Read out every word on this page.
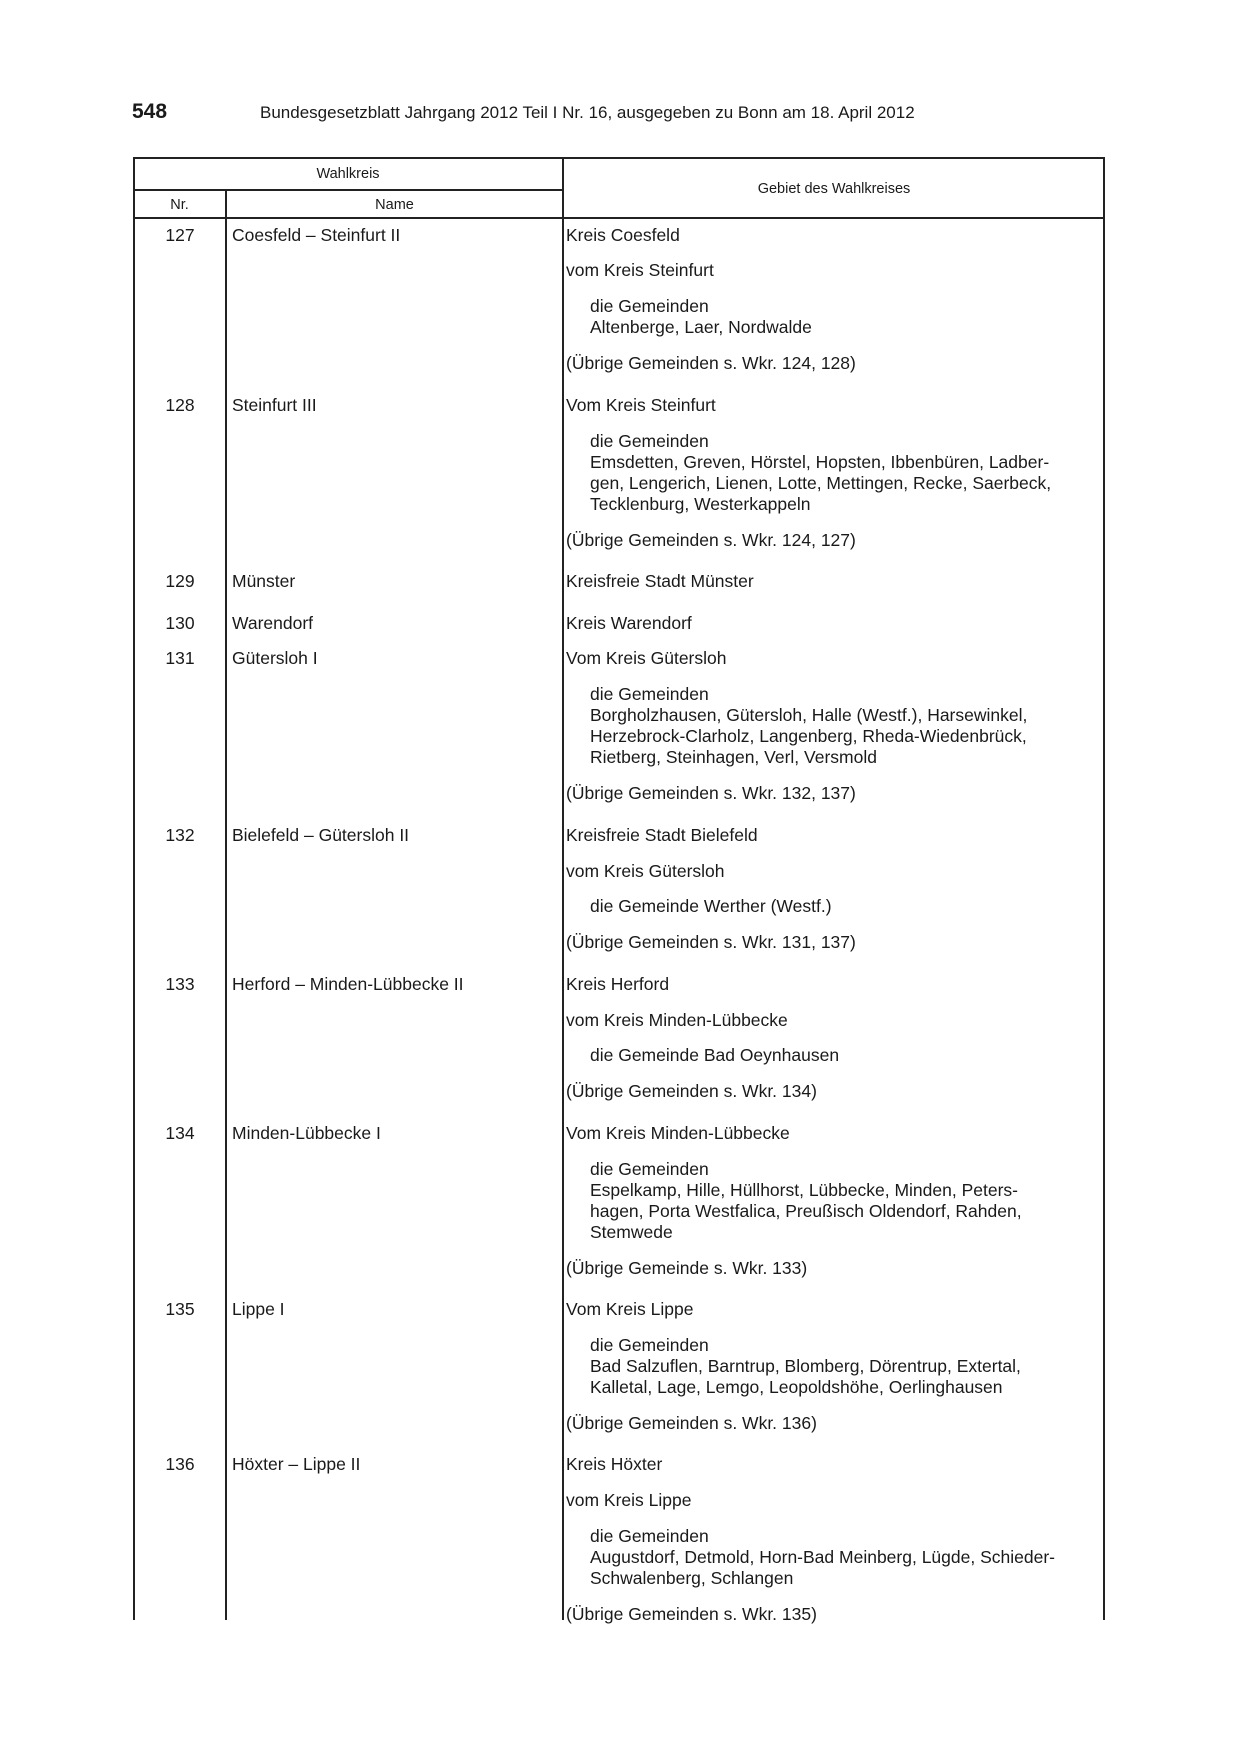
548	Bundesgesetzblatt Jahrgang 2012 Teil I Nr. 16, ausgegeben zu Bonn am 18. April 2012
Wahlkreis
Nr.	Name
Gebiet des Wahlkreises
127	Coesfeld – Steinfurt II	Kreis Coesfeld
vom Kreis Steinfurt
die Gemeinden
Altenberge, Laer, Nordwalde
(Übrige Gemeinden s. Wkr. 124, 128)
128	Steinfurt III	Vom Kreis Steinfurt
die Gemeinden
Emsdetten, Greven, Hörstel, Hopsten, Ibbenbüren, Ladber-
gen, Lengerich, Lienen, Lotte, Mettingen, Recke, Saerbeck,
Tecklenburg, Westerkappeln
(Übrige Gemeinden s. Wkr. 124, 127)
129	Münster	Kreisfreie Stadt Münster
130	Warendorf	Kreis Warendorf
131	Gütersloh I	Vom Kreis Gütersloh
die Gemeinden
Borgholzhausen, Gütersloh, Halle (Westf.), Harsewinkel,
Herzebrock-Clarholz, Langenberg, Rheda-Wiedenbrück,
Rietberg, Steinhagen, Verl, Versmold
(Übrige Gemeinden s. Wkr. 132, 137)
132	Bielefeld – Gütersloh II	Kreisfreie Stadt Bielefeld
vom Kreis Gütersloh
die Gemeinde Werther (Westf.)
(Übrige Gemeinden s. Wkr. 131, 137)
133	Herford – Minden-Lübbecke II	Kreis Herford
vom Kreis Minden-Lübbecke
die Gemeinde Bad Oeynhausen
(Übrige Gemeinden s. Wkr. 134)
134	Minden-Lübbecke I	Vom Kreis Minden-Lübbecke
die Gemeinden
Espelkamp, Hille, Hüllhorst, Lübbecke, Minden, Peters-
hagen, Porta Westfalica, Preußisch Oldendorf, Rahden,
Stemwede
(Übrige Gemeinde s. Wkr. 133)
135	Lippe I	Vom Kreis Lippe
die Gemeinden
Bad Salzuflen, Barntrup, Blomberg, Dörentrup, Extertal,
Kalletal, Lage, Lemgo, Leopoldshöhe, Oerlinghausen
(Übrige Gemeinden s. Wkr. 136)
136	Höxter – Lippe II	Kreis Höxter
vom Kreis Lippe
die Gemeinden
Augustdorf, Detmold, Horn-Bad Meinberg, Lügde, Schieder-
Schwalenberg, Schlangen
(Übrige Gemeinden s. Wkr. 135)
